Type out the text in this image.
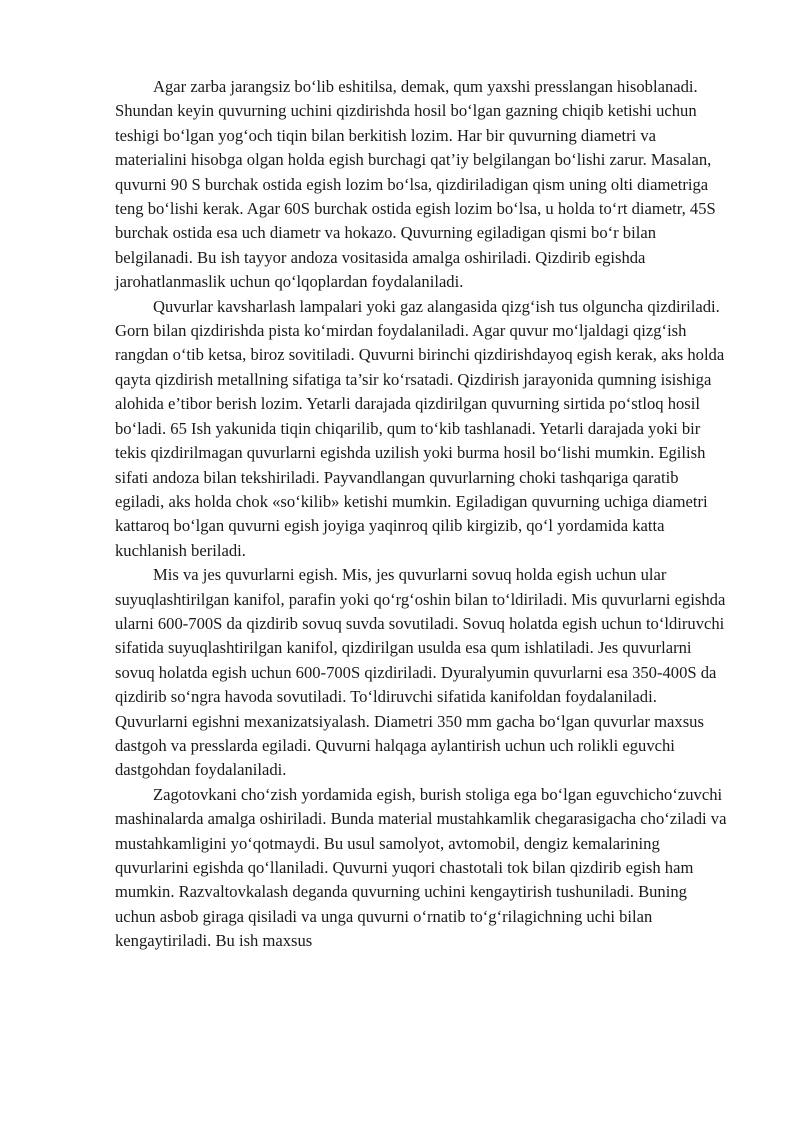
Agar zarba jarangsiz bo‘lib eshitilsa, demak, qum yaxshi presslangan hisoblanadi. Shundan keyin quvurning uchini qizdirishda hosil bo‘lgan gazning chiqib ketishi uchun teshigi bo‘lgan yog‘och tiqin bilan berkitish lozim. Har bir quvurning diametri va materialini hisobga olgan holda egish burchagi qat’iy belgilangan bo‘lishi zarur. Masalan, quvurni 90 S burchak ostida egish lozim bo‘lsa, qizdiriladigan qism uning olti diametriga teng bo‘lishi kerak. Agar 60S burchak ostida egish lozim bo‘lsa, u holda to‘rt diametr, 45S burchak ostida esa uch diametr va hokazo. Quvurning egiladigan qismi bo‘r bilan belgilanadi. Bu ish tayyor andoza vositasida amalga oshiriladi. Qizdirib egishda jarohatlanmaslik uchun qo‘lqoplardan foydalaniladi.

Quvurlar kavsharlash lampalari yoki gaz alangasida qizg‘ish tus olguncha qizdiriladi. Gorn bilan qizdirishda pista ko‘mirdan foydalaniladi. Agar quvur mo‘ljaldagi qizg‘ish rangdan o‘tib ketsa, biroz sovitiladi. Quvurni birinchi qizdirishdayoq egish kerak, aks holda qayta qizdirish metallning sifatiga ta’sir ko‘rsatadi. Qizdirish jarayonida qumning isishiga alohida e’tibor berish lozim. Yetarli darajada qizdirilgan quvurning sirtida po‘stloq hosil bo‘ladi. 65 Ish yakunida tiqin chiqarilib, qum to‘kib tashlanadi. Yetarli darajada yoki bir tekis qizdirilmagan quvurlarni egishda uzilish yoki burma hosil bo‘lishi mumkin. Egilish sifati andoza bilan tekshiriladi. Payvandlangan quvurlarning choki tashqariga qaratib egiladi, aks holda chok «so‘kilib» ketishi mumkin. Egiladigan quvurning uchiga diametri kattaroq bo‘lgan quvurni egish joyiga yaqinroq qilib kirgizib, qo‘l yordamida katta kuchlanish beriladi.

Mis va jes quvurlarni egish. Mis, jes quvurlarni sovuq holda egish uchun ular suyuqlashtirilgan kanifol, parafin yoki qo‘rg‘oshin bilan to‘ldiriladi. Mis quvurlarni egishda ularni 600-700S da qizdirib sovuq suvda sovutiladi. Sovuq holatda egish uchun to‘ldiruvchi sifatida suyuqlashtirilgan kanifol, qizdirilgan usulda esa qum ishlatiladi. Jes quvurlarni sovuq holatda egish uchun 600-700S qizdiriladi. Dyuralyumin quvurlarni esa 350-400S da qizdirib so‘ngra havoda sovutiladi. To‘ldiruvchi sifatida kanifoldan foydalaniladi. Quvurlarni egishni mexanizatsiyalash. Diametri 350 mm gacha bo‘lgan quvurlar maxsus dastgoh va presslarda egiladi. Quvurni halqaga aylantirish uchun uch rolikli eguvchi dastgohdan foydalaniladi.

Zagotovkani cho‘zish yordamida egish, burish stoliga ega bo‘lgan eguvchicho‘zuvchi mashinalarda amalga oshiriladi. Bunda material mustahkamlik chegarasigacha cho‘ziladi va mustahkamligini yo‘qotmaydi. Bu usul samolyot, avtomobil, dengiz kemalarining quvurlarini egishda qo‘llaniladi. Quvurni yuqori chastotali tok bilan qizdirib egish ham mumkin. Razvaltovkalash deganda quvurning uchini kengaytirish tushuniladi. Buning uchun asbob giraga qisiladi va unga quvurni o‘rnatib to‘g‘rilagichning uchi bilan kengaytiriladi. Bu ish maxsus
